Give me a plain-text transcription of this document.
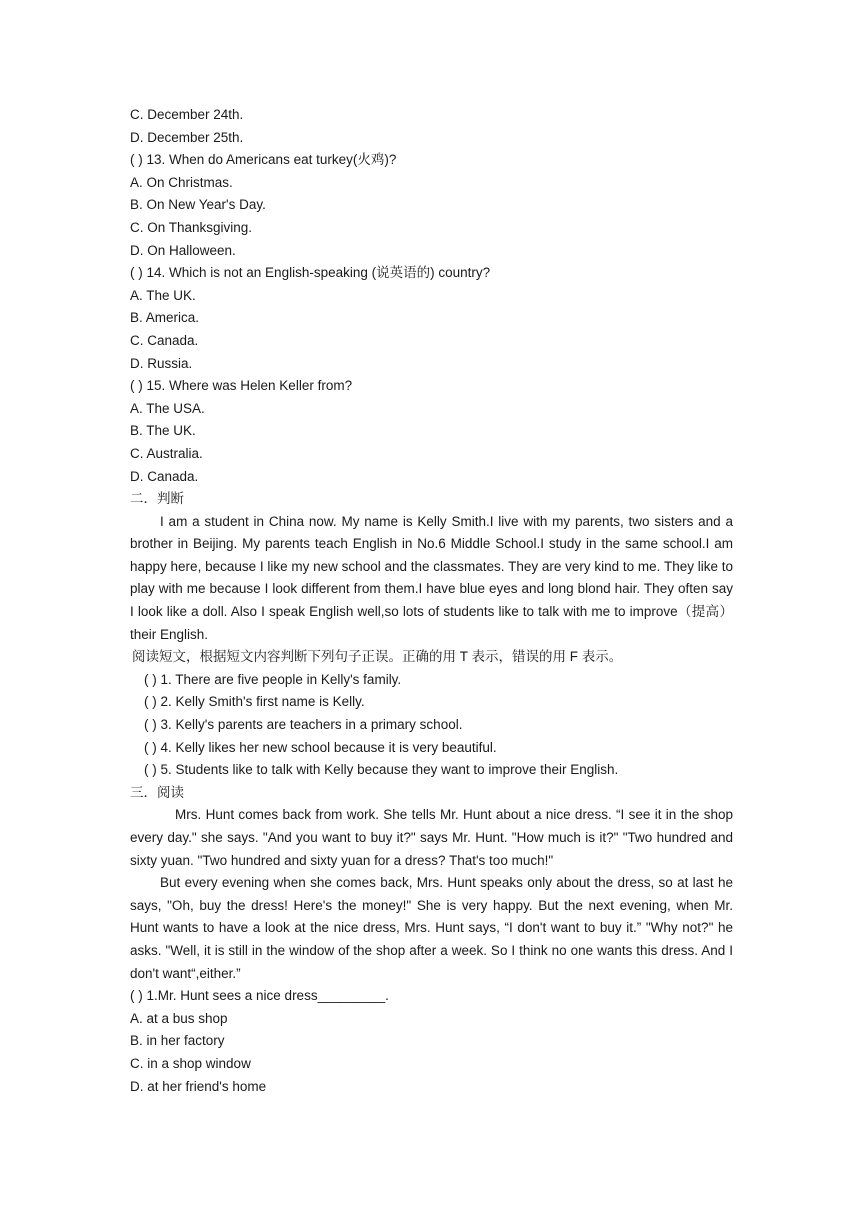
C. December 24th.
D. December 25th.
( ) 13. When do Americans eat turkey(火鸡)?
A. On Christmas.
B. On New Year's Day.
C. On Thanksgiving.
D. On Halloween.
( ) 14. Which is not an English-speaking (说英语的) country?
A. The UK.
B. America.
C. Canada.
D. Russia.
( ) 15. Where was Helen Keller from?
A. The USA.
B. The UK.
C. Australia.
D. Canada.
二．判断
I am a student in China now. My name is Kelly Smith.I live with my parents, two sisters and a brother in Beijing. My parents teach English in No.6 Middle School.I study in the same school.I am happy here, because I like my new school and the classmates. They are very kind to me. They like to play with me because I look different from them.I have blue eyes and long blond hair. They often say I look like a doll. Also I speak English well,so lots of students like to talk with me to improve（提高）their English.
阅读短文，根据短文内容判断下列句子正误。正确的用 T 表示，错误的用 F 表示。
( ) 1. There are five people in Kelly's family.
( ) 2. Kelly Smith's first name is Kelly.
( ) 3. Kelly's parents are teachers in a primary school.
( ) 4. Kelly likes her new school because it is very beautiful.
( ) 5. Students like to talk with Kelly because they want to improve their English.
三．阅读
Mrs. Hunt comes back from work. She tells Mr. Hunt about a nice dress. “I see it in the shop every day." she says. "And you want to buy it?" says Mr. Hunt. "How much is it?" "Two hundred and sixty yuan. "Two hundred and sixty yuan for a dress? That's too much!"
But every evening when she comes back, Mrs. Hunt speaks only about the dress, so at last he says, "Oh, buy the dress! Here's the money!" She is very happy. But the next evening, when Mr. Hunt wants to have a look at the nice dress, Mrs. Hunt says, “I don't want to buy it.” "Why not?" he asks. "Well, it is still in the window of the shop after a week. So I think no one wants this dress. And I don't want“,either.”
( ) 1.Mr. Hunt sees a nice dress_________.
A. at a bus shop
B. in her factory
C. in a shop window
D. at her friend's home
